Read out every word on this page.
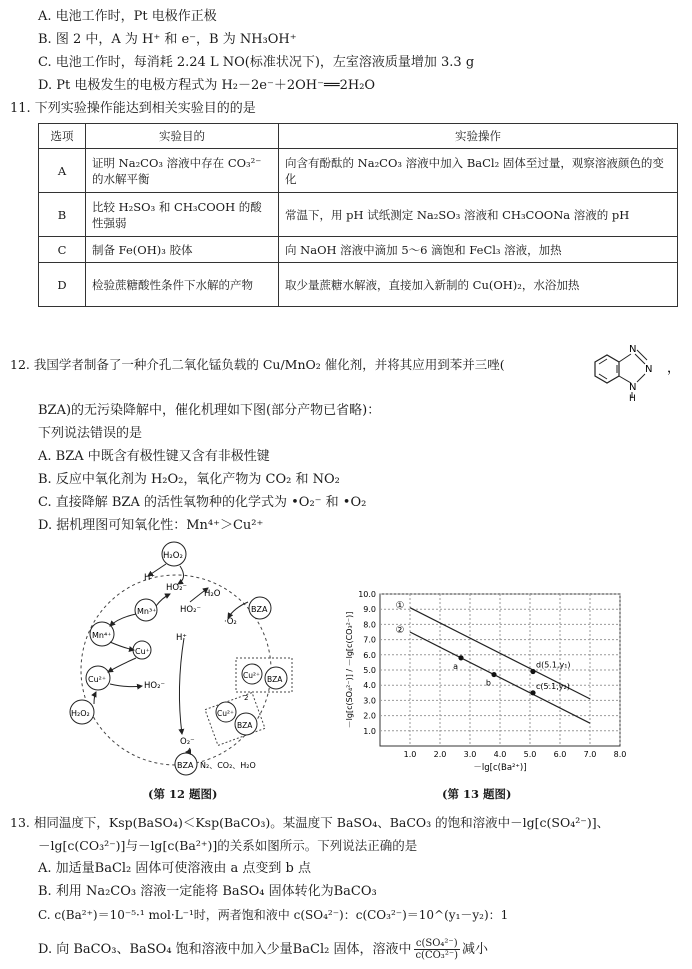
A. 电池工作时，Pt 电极作正极
B. 图 2 中，A 为 H⁺ 和 e⁻，B 为 NH₃OH⁺
C. 电池工作时，每消耗 2.24 L NO(标准状况下)，左室溶液质量增加 3.3 g
D. Pt 电极发生的电极方程式为 H₂－2e⁻＋2OH⁻══2H₂O
11. 下列实验操作能达到相关实验目的的是
选项	实验目的	实验操作
A	证明 Na₂CO₃ 溶液中存在 CO₃²⁻ 的水解平衡	向含有酚酞的 Na₂CO₃ 溶液中加入 BaCl₂ 固体至过量，观察溶液颜色的变化
B	比较 H₂SO₃ 和 CH₃COOH 的酸性强弱	常温下，用 pH 试纸测定 Na₂SO₃ 溶液和 CH₃COONa 溶液的 pH
C	制备 Fe(OH)₃ 胶体	向 NaOH 溶液中滴加 5～6 滴饱和 FeCl₃ 溶液，加热
D	检验蔗糖酸性条件下水解的产物	取少量蔗糖水解液，直接加入新制的 Cu(OH)₂，水浴加热
12. 我国学者制备了一种介孔二氧化锰负载的 Cu/MnO₂ 催化剂，并将其应用到苯并三唑(
N
N
N
H
，
BZA)的无污染降解中，催化机理如下图(部分产物已省略)：
下列说法错误的是
A. BZA 中既含有极性键又含有非极性键
B. 反应中氧化剂为 H₂O₂，氧化产物为 CO₂ 和 NO₂
C. 直接降解 BZA 的活性氧物种的化学式为 •O₂⁻ 和 •O₂
D. 据机理图可知氧化性：Mn⁴⁺＞Cu²⁺
H₂O₂
H⁺
HO₂⁻
HO₂⁻
H₂O
·O₂
BZA
Mn³⁺
Mn⁴⁺
Cu⁺
Cu²⁺
H⁺
HO₂⁻
H₂O₂
Cu²⁺ BZA
2
Cu²⁺
BZA
O₂⁻
BZA N₂、CO₂、H₂O
(第 12 题图)
1.0 2.0 3.0 4.0 5.0 6.0 7.0 8.0
1.0
2.0
3.0
4.0
5.0
6.0
7.0
8.0
9.0
10.0
①
②
a
b
d(5.1,y₁)
c(5.1,y₂)
－lg[c(Ba²⁺)]
－lg[c(SO₄²⁻)] / －lg[c(CO₃²⁻)]
(第 13 题图)
13. 相同温度下，Ksp(BaSO₄)＜Ksp(BaCO₃)。某温度下 BaSO₄、BaCO₃ 的饱和溶液中－lg[c(SO₄²⁻)]、
－lg[c(CO₃²⁻)]与－lg[c(Ba²⁺)]的关系如图所示。下列说法正确的是
A. 加适量BaCl₂ 固体可使溶液由 a 点变到 b 点
B. 利用 Na₂CO₃ 溶液一定能将 BaSO₄ 固体转化为BaCO₃
C. c(Ba²⁺)＝10⁻⁵·¹ mol·L⁻¹时，两者饱和液中 c(SO₄²⁻)：c(CO₃²⁻)＝10^(y₁－y₂)：1
D. 向 BaCO₃、BaSO₄ 饱和溶液中加入少量BaCl₂ 固体，溶液中 $\frac{\text{c(SO₄²⁻)}}{\text{c(CO₃²⁻)}}$ 减小
